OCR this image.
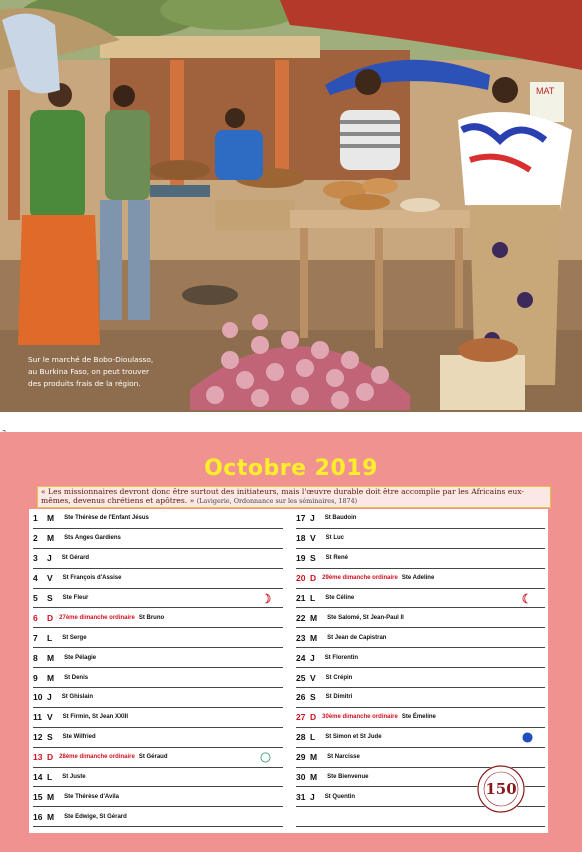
MAT
Sur le marché de Bobo-Dioulasso,
au Burkina Faso, on peut trouver
des produits frais de la région.
Octobre 2019
« Les missionnaires devront donc être surtout des initiateurs, mais l'œuvre durable doit être accomplie par les Africains eux-mêmes, devenus chrétiens et apôtres. » (Lavigerie, Ordonnance sur les séminaires, 1874)
1	M Ste Thérèse de l'Enfant Jésus
2	M Sts Anges Gardiens
3	J St Gérard
4	V St François d'Assise
5	S Ste Fleur
6	D 27ème dimanche ordinaire St Bruno
7	L St Serge
8	M Ste Pélagie
9	M St Denis
10 J St Ghislain
11 V St Firmin, St Jean XXIII
12 S Ste Wilfried
13 D 28ème dimanche ordinaire St Géraud
14 L St Juste
15 M Ste Thérèse d'Avila
16 M Ste Edwige, St Gérard
17 J St Baudoin
18 V St Luc
19 S St René
20 D 29ème dimanche ordinaire Ste Adeline
21 L Ste Céline
22 M Ste Salomé, St Jean-Paul II
23 M St Jean de Capistran
24 J St Florentin
25 V St Crépin
26 S St Dimitri
27 D 30ème dimanche ordinaire Ste Émeline
28 L St Simon et St Jude
29 M St Narcisse
30 M Ste Bienvenue
31 J St Quentin	150
